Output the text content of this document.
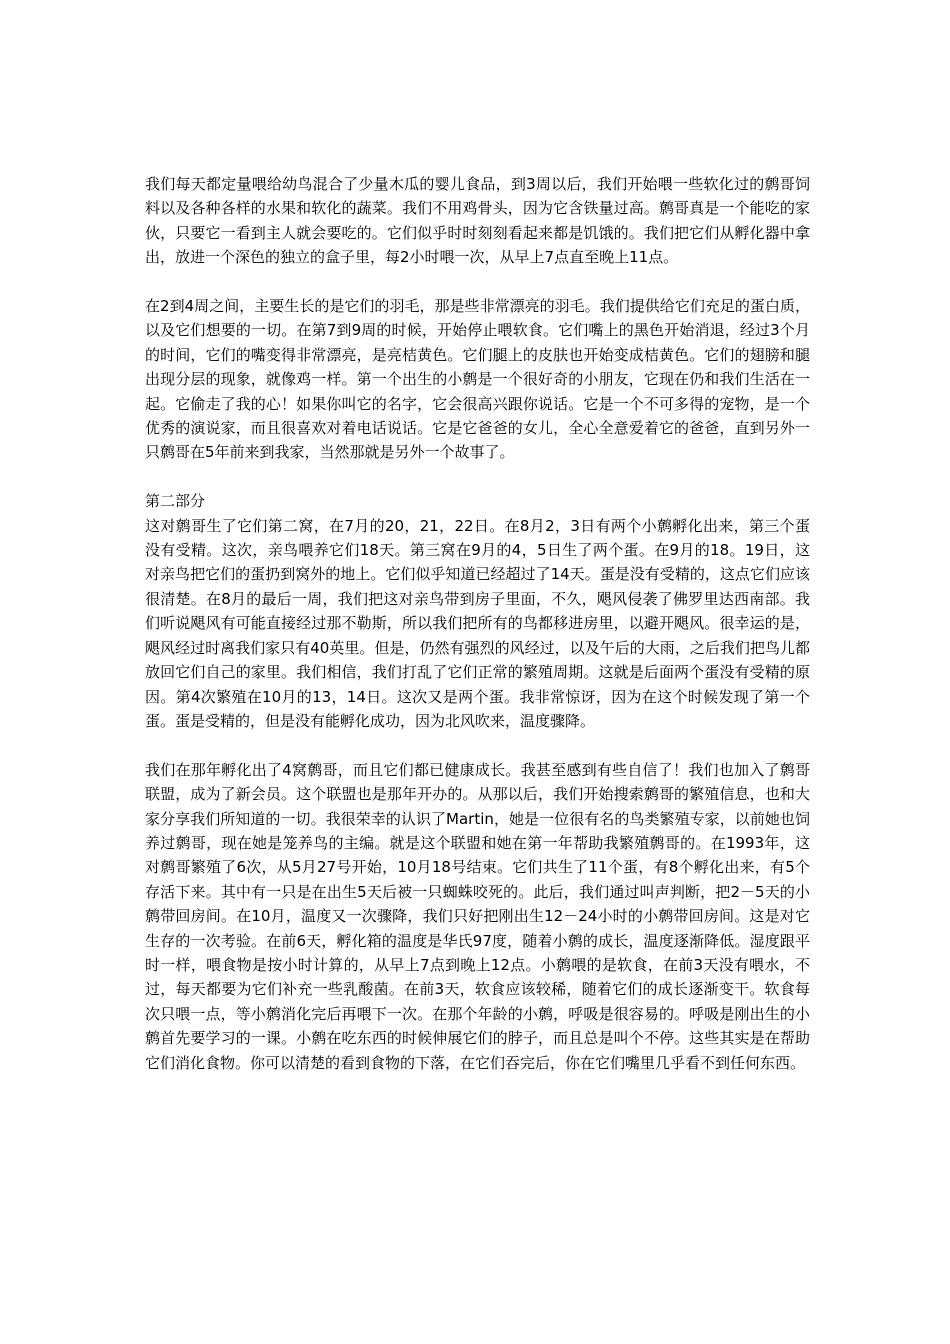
我们每天都定量喂给幼鸟混合了少量木瓜的婴儿食品，到3周以后，我们开始喂一些软化过的鹩哥饲料以及各种各样的水果和软化的蔬菜。我们不用鸡骨头，因为它含铁量过高。鹩哥真是一个能吃的家伙，只要它一看到主人就会要吃的。它们似乎时时刻刻看起来都是饥饿的。我们把它们从孵化器中拿出，放进一个深色的独立的盒子里，每2小时喂一次，从早上7点直至晚上11点。

在2到4周之间，主要生长的是它们的羽毛，那是些非常漂亮的羽毛。我们提供给它们充足的蛋白质，以及它们想要的一切。在第7到9周的时候，开始停止喂软食。它们嘴上的黑色开始消退，经过3个月的时间，它们的嘴变得非常漂亮，是亮桔黄色。它们腿上的皮肤也开始变成桔黄色。它们的翅膀和腿出现分层的现象，就像鸡一样。第一个出生的小鹩是一个很好奇的小朋友，它现在仍和我们生活在一起。它偷走了我的心！如果你叫它的名字，它会很高兴跟你说话。它是一个不可多得的宠物，是一个优秀的演说家，而且很喜欢对着电话说话。它是它爸爸的女儿，全心全意爱着它的爸爸，直到另外一只鹩哥在5年前来到我家，当然那就是另外一个故事了。

第二部分

这对鹩哥生了它们第二窝，在7月的20，21，22日。在8月2，3日有两个小鹩孵化出来，第三个蛋没有受精。这次，亲鸟喂养它们18天。第三窝在9月的4，5日生了两个蛋。在9月的18。19日，这对亲鸟把它们的蛋扔到窝外的地上。它们似乎知道已经超过了14天。蛋是没有受精的，这点它们应该很清楚。在8月的最后一周，我们把这对亲鸟带到房子里面，不久，飓风侵袭了佛罗里达西南部。我们听说飓风有可能直接经过那不勒斯，所以我们把所有的鸟都移进房里，以避开飓风。很幸运的是，飓风经过时离我们家只有40英里。但是，仍然有强烈的风经过，以及午后的大雨，之后我们把鸟儿都放回它们自己的家里。我们相信，我们打乱了它们正常的繁殖周期。这就是后面两个蛋没有受精的原因。第4次繁殖在10月的13，14日。这次又是两个蛋。我非常惊讶，因为在这个时候发现了第一个蛋。蛋是受精的，但是没有能孵化成功，因为北风吹来，温度骤降。

我们在那年孵化出了4窝鹩哥，而且它们都已健康成长。我甚至感到有些自信了！我们也加入了鹩哥联盟，成为了新会员。这个联盟也是那年开办的。从那以后，我们开始搜索鹩哥的繁殖信息，也和大家分享我们所知道的一切。我很荣幸的认识了Martin，她是一位很有名的鸟类繁殖专家，以前她也饲养过鹩哥，现在她是笼养鸟的主编。就是这个联盟和她在第一年帮助我繁殖鹩哥的。在1993年，这对鹩哥繁殖了6次，从5月27号开始，10月18号结束。它们共生了11个蛋，有8个孵化出来，有5个存活下来。其中有一只是在出生5天后被一只蜘蛛咬死的。此后，我们通过叫声判断，把2－5天的小鹩带回房间。在10月，温度又一次骤降，我们只好把刚出生12－24小时的小鹩带回房间。这是对它生存的一次考验。在前6天，孵化箱的温度是华氏97度，随着小鹩的成长，温度逐渐降低。湿度跟平时一样，喂食物是按小时计算的，从早上7点到晚上12点。小鹩喂的是软食，在前3天没有喂水，不过，每天都要为它们补充一些乳酸菌。在前3天，软食应该较稀，随着它们的成长逐渐变干。软食每次只喂一点，等小鹩消化完后再喂下一次。在那个年龄的小鹩，呼吸是很容易的。呼吸是刚出生的小鹩首先要学习的一课。小鹩在吃东西的时候伸展它们的脖子，而且总是叫个不停。这些其实是在帮助它们消化食物。你可以清楚的看到食物的下落，在它们吞完后，你在它们嘴里几乎看不到任何东西。
